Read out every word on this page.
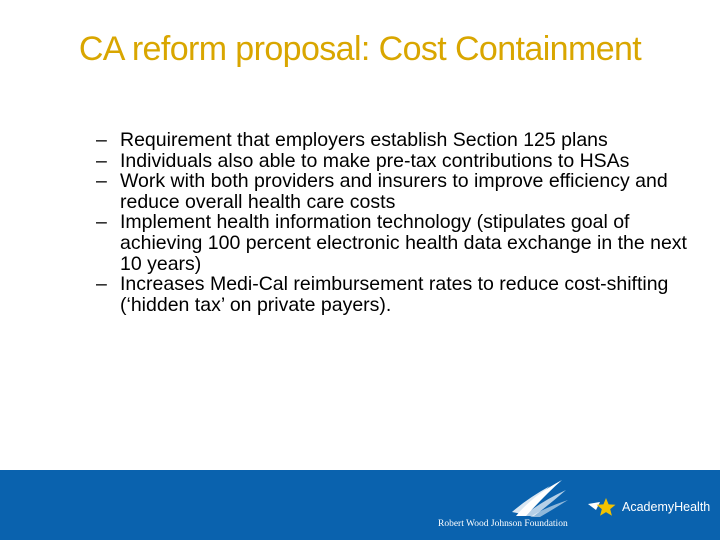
CA reform proposal: Cost Containment
– Requirement that employers establish Section 125 plans
– Individuals also able to make pre-tax contributions to HSAs
– Work with both providers and insurers to improve efficiency and reduce overall health care costs
– Implement health information technology (stipulates goal of achieving 100 percent electronic health data exchange in the next 10 years)
– Increases Medi-Cal reimbursement rates to reduce cost-shifting (‘hidden tax’ on private payers).
Robert Wood Johnson Foundation
AcademyHealth
